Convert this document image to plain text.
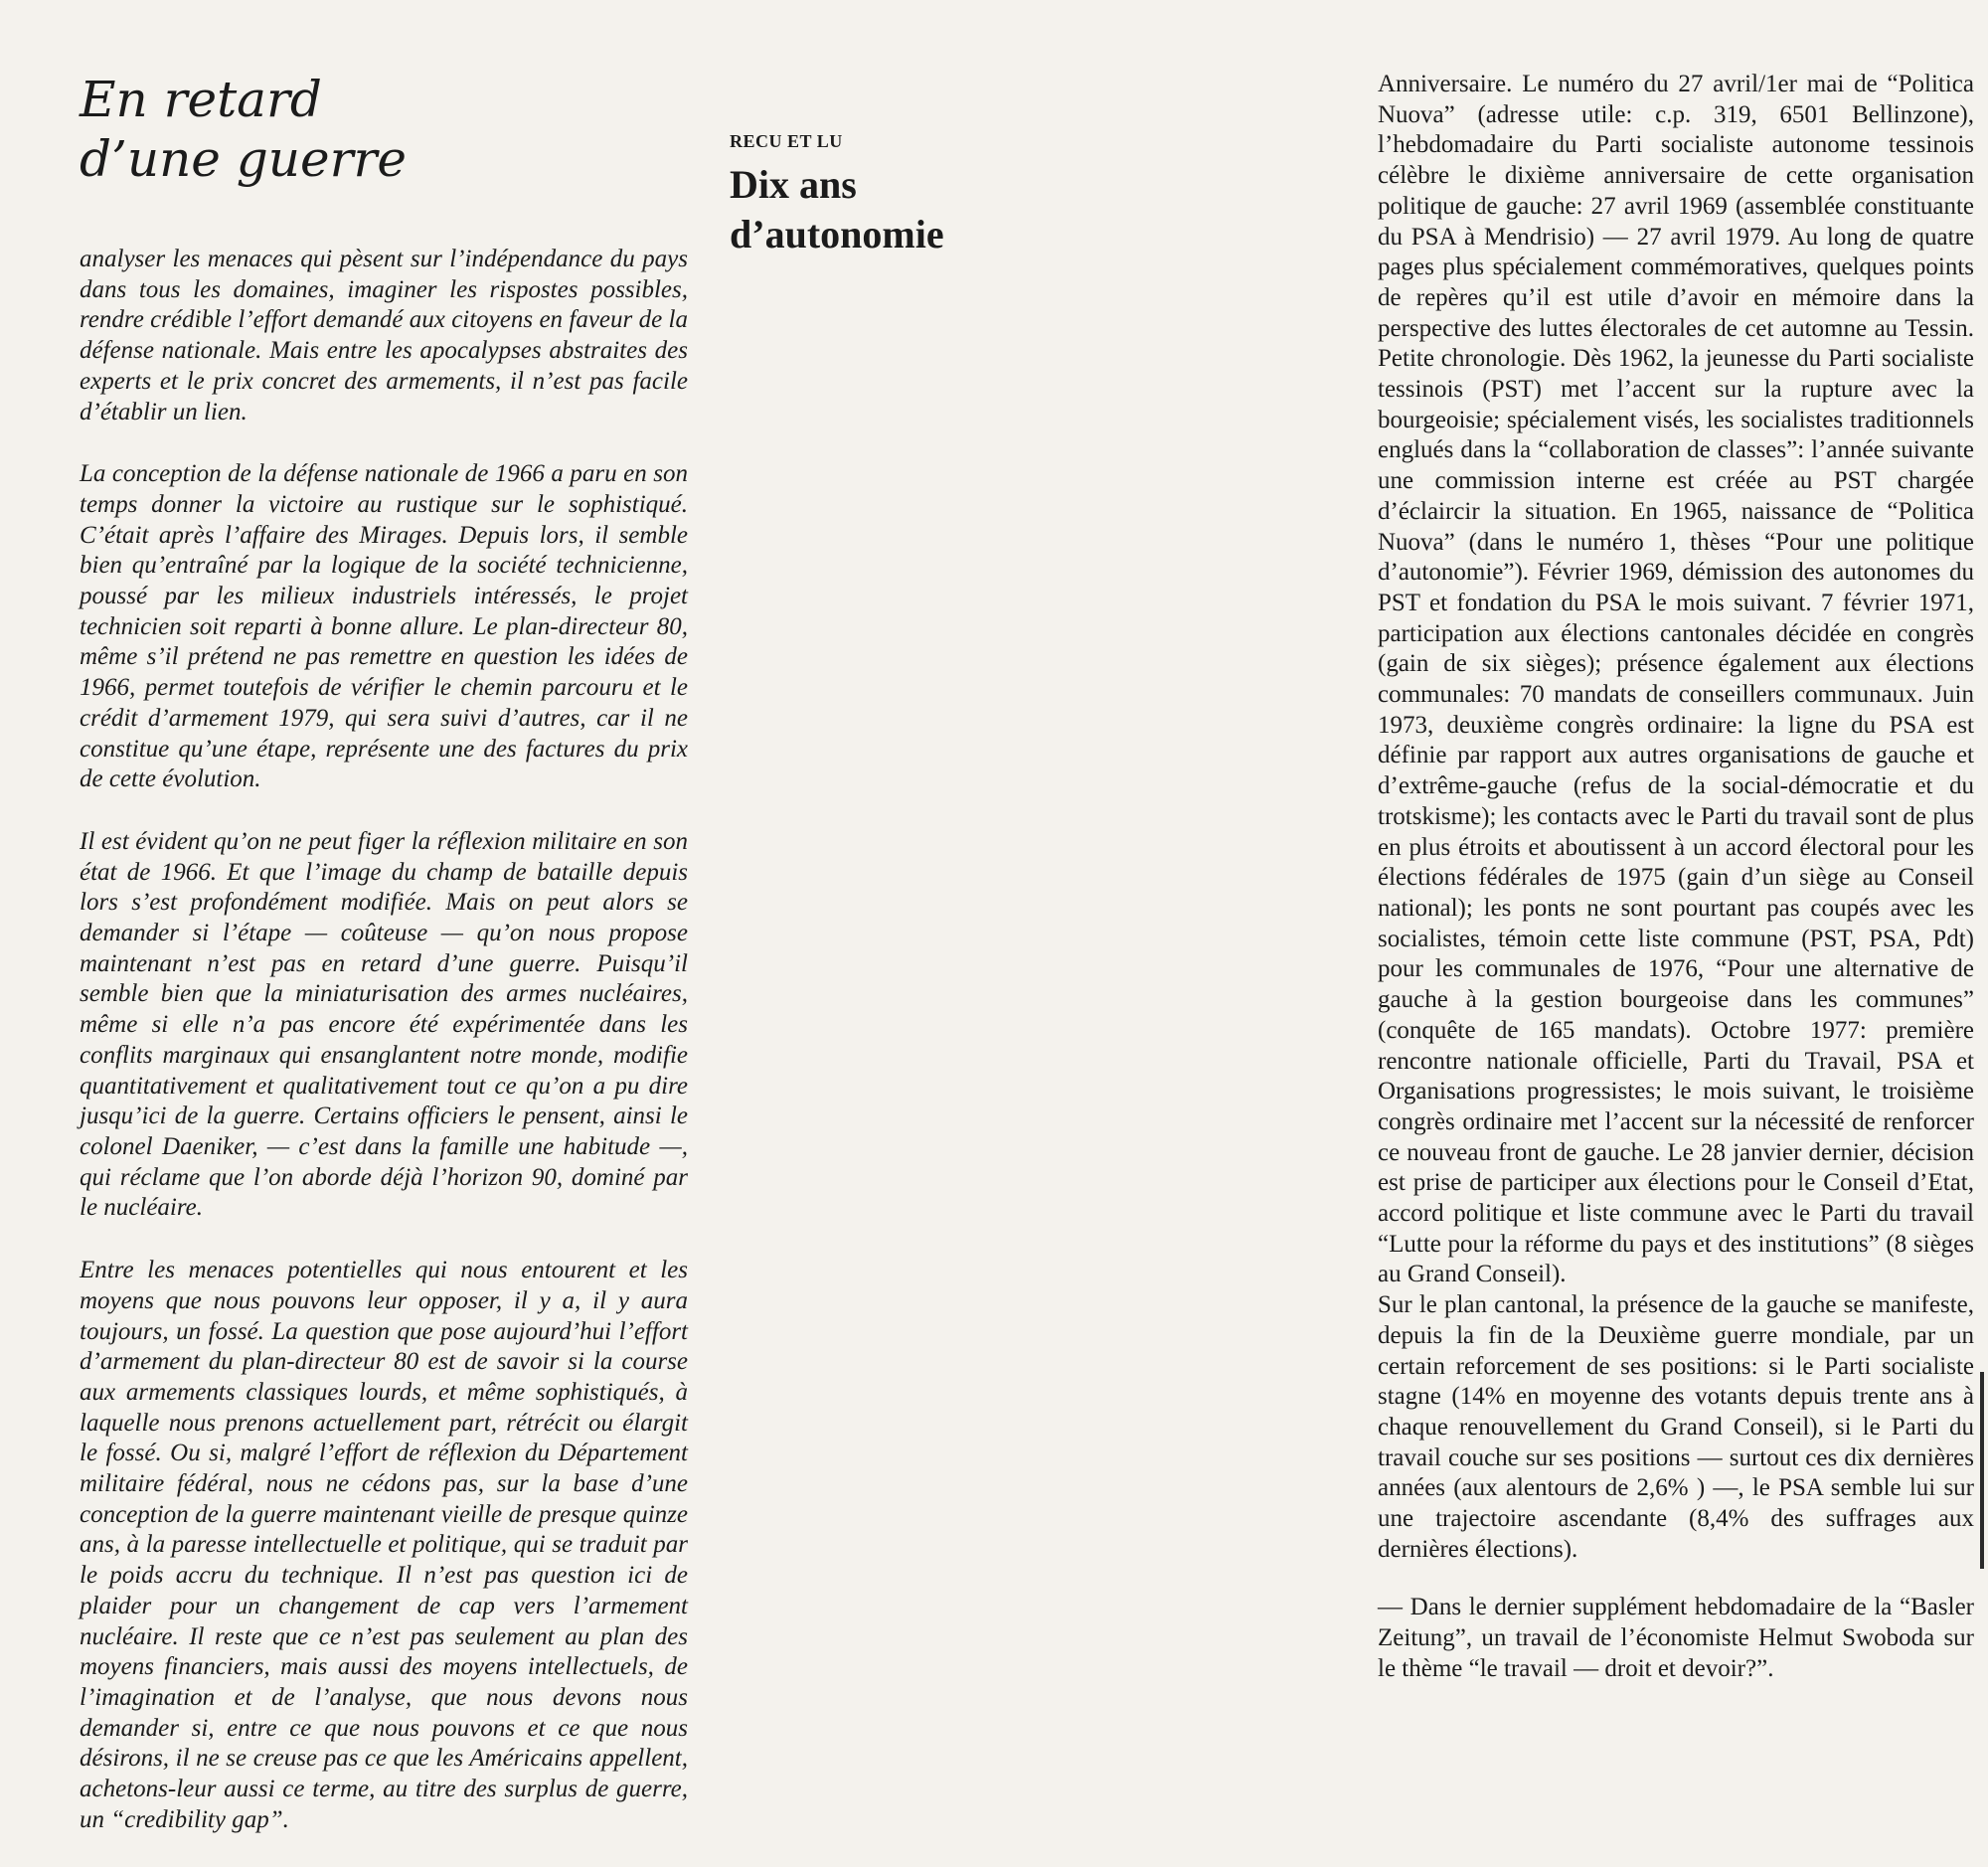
En retard
d’une guerre

analyser les menaces qui pèsent sur l’indépendance du pays dans tous les domaines, imaginer les rispostes possibles, rendre crédible l’effort demandé aux citoyens en faveur de la défense nationale. Mais entre les apocalypses abstraites des experts et le prix concret des armements, il n’est pas facile d’établir un lien.

La conception de la défense nationale de 1966 a paru en son temps donner la victoire au rustique sur le sophistiqué. C’était après l’affaire des Mirages. Depuis lors, il semble bien qu’entraîné par la logique de la société technicienne, poussé par les milieux industriels intéressés, le projet technicien soit reparti à bonne allure. Le plan-directeur 80, même s’il prétend ne pas remettre en question les idées de 1966, permet toutefois de vérifier le chemin parcouru et le crédit d’armement 1979, qui sera suivi d’autres, car il ne constitue qu’une étape, représente une des factures du prix de cette évolution.

Il est évident qu’on ne peut figer la réflexion militaire en son état de 1966. Et que l’image du champ de bataille depuis lors s’est profondément modifiée. Mais on peut alors se demander si l’étape — coûteuse — qu’on nous propose maintenant n’est pas en retard d’une guerre. Puisqu’il semble bien que la miniaturisation des armes nucléaires, même si elle n’a pas encore été expérimentée dans les conflits marginaux qui ensanglantent notre monde, modifie quantitativement et qualitativement tout ce qu’on a pu dire jusqu’ici de la guerre. Certains officiers le pensent, ainsi le colonel Daeniker, — c’est dans la famille une habitude —, qui réclame que l’on aborde déjà l’horizon 90, dominé par le nucléaire.

Entre les menaces potentielles qui nous entourent et les moyens que nous pouvons leur opposer, il y a, il y aura toujours, un fossé. La question que pose aujourd’hui l’effort d’armement du plan-directeur 80 est de savoir si la course aux armements classiques lourds, et même sophistiqués, à laquelle nous prenons actuellement part, rétrécit ou élargit le fossé. Ou si, malgré l’effort de réflexion du Département militaire fédéral, nous ne cédons pas, sur la base d’une conception de la guerre maintenant vieille de presque quinze ans, à la paresse intellectuelle et politique, qui se traduit par le poids accru du technique. Il n’est pas question ici de plaider pour un changement de cap vers l’armement nucléaire. Il reste que ce n’est pas seulement au plan des moyens financiers, mais aussi des moyens intellectuels, de l’imagination et de l’analyse, que nous devons nous demander si, entre ce que nous pouvons et ce que nous désirons, il ne se creuse pas ce que les Américains appellent, achetons-leur aussi ce terme, au titre des surplus de guerre, un “credibility gap”.

RECU ET LU
Dix ans
d’autonomie

Anniversaire. Le numéro du 27 avril/1er mai de “Politica Nuova” (adresse utile: c.p. 319, 6501 Bellinzone), l’hebdomadaire du Parti socialiste autonome tessinois célèbre le dixième anniversaire de cette organisation politique de gauche: 27 avril 1969 (assemblée constituante du PSA à Mendrisio) — 27 avril 1979. Au long de quatre pages plus spécialement commémoratives, quelques points de repères qu’il est utile d’avoir en mémoire dans la perspective des luttes électorales de cet automne au Tessin. Petite chronologie. Dès 1962, la jeunesse du Parti socialiste tessinois (PST) met l’accent sur la rupture avec la bourgeoisie; spécialement visés, les socialistes traditionnels englués dans la “collaboration de classes”: l’année suivante une commission interne est créée au PST chargée d’éclaircir la situation. En 1965, naissance de “Politica Nuova” (dans le numéro 1, thèses “Pour une politique d’autonomie”). Février 1969, démission des autonomes du PST et fondation du PSA le mois suivant. 7 février 1971, participation aux élections cantonales décidée en congrès (gain de six sièges); présence également aux élections communales: 70 mandats de conseillers communaux. Juin 1973, deuxième congrès ordinaire: la ligne du PSA est définie par rapport aux autres organisations de gauche et d’extrême-gauche (refus de la social-démocratie et du trotskisme); les contacts avec le Parti du travail sont de plus en plus étroits et aboutissent à un accord électoral pour les élections fédérales de 1975 (gain d’un siège au Conseil national); les ponts ne sont pourtant pas coupés avec les socialistes, témoin cette liste commune (PST, PSA, Pdt) pour les communales de 1976, “Pour une alternative de gauche à la gestion bourgeoise dans les communes” (conquête de 165 mandats). Octobre 1977: première rencontre nationale officielle, Parti du Travail, PSA et Organisations progressistes; le mois suivant, le troisième congrès ordinaire met l’accent sur la nécessité de renforcer ce nouveau front de gauche. Le 28 janvier dernier, décision est prise de participer aux élections pour le Conseil d’Etat, accord politique et liste commune avec le Parti du travail “Lutte pour la réforme du pays et des institutions” (8 sièges au Grand Conseil).

Sur le plan cantonal, la présence de la gauche se manifeste, depuis la fin de la Deuxième guerre mondiale, par un certain reforcement de ses positions: si le Parti socialiste stagne (14% en moyenne des votants depuis trente ans à chaque renouvellement du Grand Conseil), si le Parti du travail couche sur ses positions — surtout ces dix dernières années (aux alentours de 2,6% ) —, le PSA semble lui sur une trajectoire ascendante (8,4% des suffrages aux dernières élections).

— Dans le dernier supplément hebdomadaire de la “Basler Zeitung”, un travail de l’économiste Helmut Swoboda sur le thème “le travail — droit et devoir?”.
